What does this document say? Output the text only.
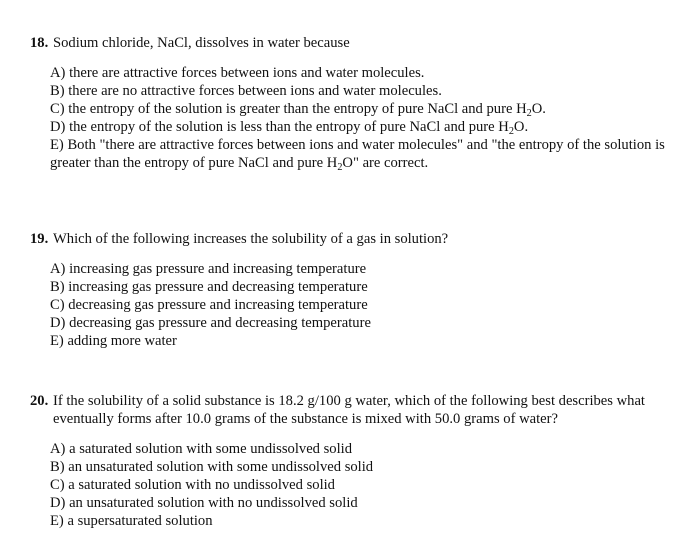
18. Sodium chloride, NaCl, dissolves in water because
A) there are attractive forces between ions and water molecules.
B) there are no attractive forces between ions and water molecules.
C) the entropy of the solution is greater than the entropy of pure NaCl and pure $H_2O$.
D) the entropy of the solution is less than the entropy of pure NaCl and pure $H_2O$.
E) Both "there are attractive forces between ions and water molecules" and "the entropy of the solution is greater than the entropy of pure NaCl and pure $H_2O$" are correct.
19. Which of the following increases the solubility of a gas in solution?
A) increasing gas pressure and increasing temperature
B) increasing gas pressure and decreasing temperature
C) decreasing gas pressure and increasing temperature
D) decreasing gas pressure and decreasing temperature
E) adding more water
20. If the solubility of a solid substance is 18.2 g/100 g water, which of the following best describes what eventually forms after 10.0 grams of the substance is mixed with 50.0 grams of water?
A) a saturated solution with some undissolved solid
B) an unsaturated solution with some undissolved solid
C) a saturated solution with no undissolved solid
D) an unsaturated solution with no undissolved solid
E) a supersaturated solution
